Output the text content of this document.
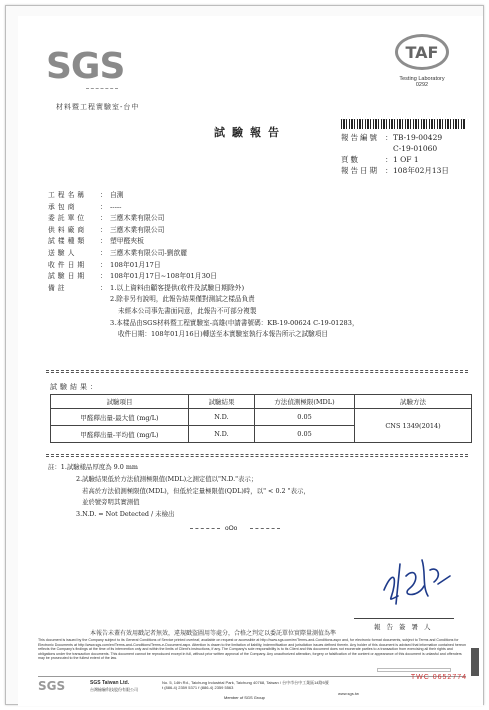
SGS
材料暨工程實驗室-台中
TAF
Testing Laboratory
0292
試驗報告	報告編號 ： TB-19-00429
C-19-01060
頁數	： 1 OF 1
報告日期 ： 108年02月13日
工程名稱	： 自測
承包商	： -----
委託單位	： 三應木業有限公司
供料廠商	： 三應木業有限公司
試樣種類	： 塑甲醛夾板
送驗人	： 三應木業有限公司-劉歆麗
收件日期	： 108年01月17日
試驗日期	： 108年01月17日~108年01月30日
備註	： 1.以上資料由顧客提供(收件及試驗日期除外)
2.除非另有說明，此報告結果僅對測試之樣品負責
未經本公司事先書面同意，此報告不可部分複製
3.本樣品由SGS材料暨工程實驗室-高雄(申請書號碼：KB-19-00624 C-19-01283，
收件日期：108年01月16日)轉送至本實驗室執行本報告所示之試驗項目
試驗結果：
試驗項目	試驗結果	方法偵測極限(MDL)	試驗方法
甲醛釋出量-最大值 (mg/L)	N.D.	0.05	CNS 1349(2014)
甲醛釋出量-平均值 (mg/L)	N.D.	0.05	
註：1.試驗樣品厚度為 9.0 mm
2.試驗結果低於方法偵測極限值(MDL)之測定值以"N.D."表示；
若高於方法偵測極限值(MDL)，但低於定量極限值(QDL)時，以" < 0.2 "表示，
並於號旁明其實測值
3.N.D. = Not Detected / 未檢出
oOo
報告簽署人
本報告未蓋有效用戳記者無效，違規戳盜圖用等處分，合格之判定以委託單位實際量測值為準
This document is issued by the Company subject to its General Conditions of Service printed overleaf, available on request or accessible at http://www.sgs.com/en/Terms-and-Conditions.aspx and, for electronic format documents, subject to Terms and Conditions for Electronic Documents at http://www.sgs.com/en/Terms-and-Conditions/Terms-e-Document.aspx. Attention is drawn to the limitation of liability, indemnification and jurisdiction issues defined therein. Any holder of this document is advised that information contained hereon reflects the Company's findings at the time of its intervention only and within the limits of Client's instructions, if any. The Company's sole responsibility is to its Client and this document does not exonerate parties to a transaction from exercising all their rights and obligations under the transaction documents. This document cannot be reproduced except in full, without prior written approval of the Company. Any unauthorized alteration, forgery or falsification of the content or appearance of this document is unlawful and offenders may be prosecuted to the fullest extent of the law.
SGS	SGS Taiwan Ltd.
台灣檢驗科技股份有限公司
No. 5, 14th Rd., Taichung Industrial Park, Taichung 40768, Taiwan / 台中市台中工業區14路5號
t (886-4) 2359 5371 f (886-4) 2359 5563
www.sgs.tw
TWC 0652774
Member of SGS Group
